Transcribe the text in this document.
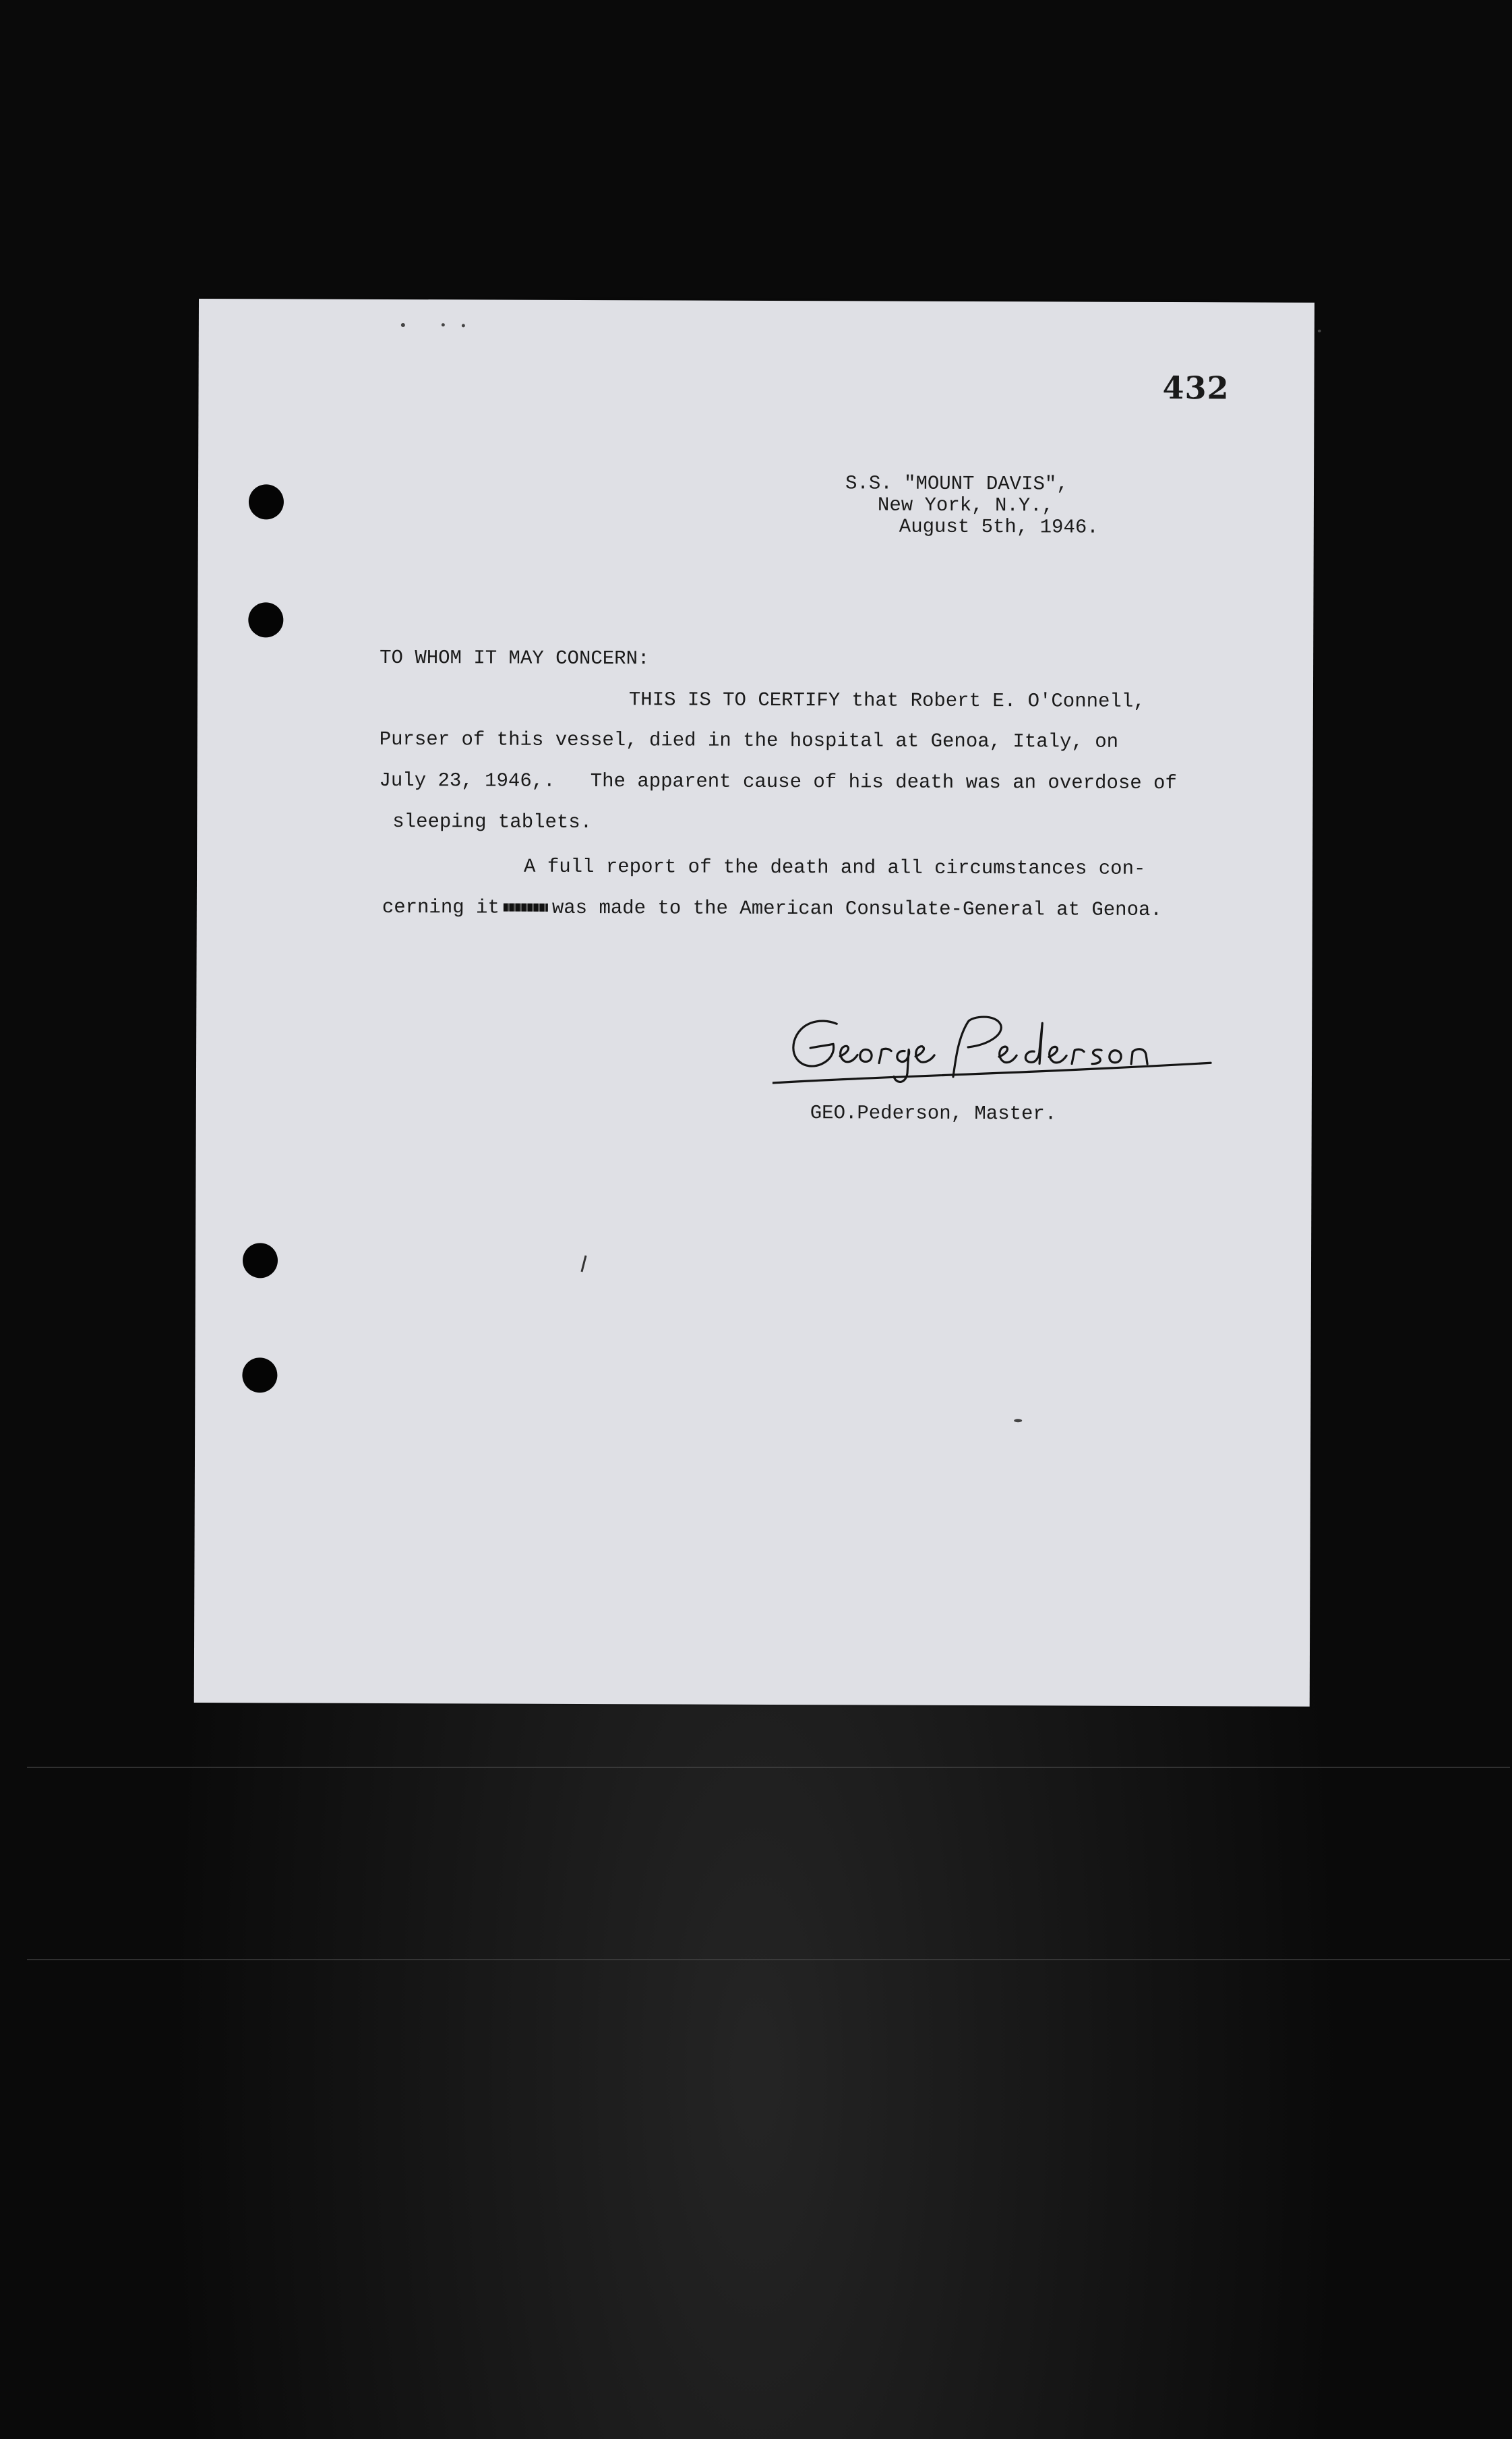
432
S.S. "MOUNT DAVIS",
New York, N.Y.,
August 5th, 1946.
TO WHOM IT MAY CONCERN:
THIS IS TO CERTIFY that Robert E. O'Connell,
Purser of this vessel, died in the hospital at Genoa, Italy, on
July 23, 1946,.   The apparent cause of his death was an overdose of
sleeping tablets.
A full report of the death and all circumstances con-
cerning it	was made to the American Consulate-General at Genoa.
GEO.Pederson, Master.
